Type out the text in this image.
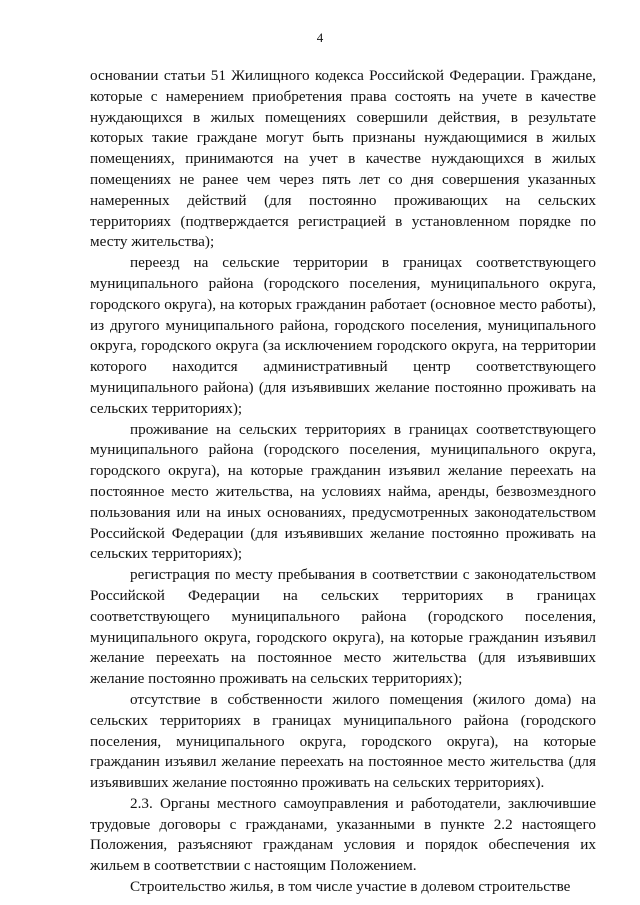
4

основании статьи 51 Жилищного кодекса Российской Федерации. Граждане, которые с намерением приобретения права состоять на учете в качестве нуждающихся в жилых помещениях совершили действия, в результате которых такие граждане могут быть признаны нуждающимися в жилых помещениях, принимаются на учет в качестве нуждающихся в жилых помещениях не ранее чем через пять лет со дня совершения указанных намеренных действий (для постоянно проживающих на сельских территориях (подтверждается регистрацией в установленном порядке по месту жительства);

переезд на сельские территории в границах соответствующего муниципального района (городского поселения, муниципального округа, городского округа), на которых гражданин работает (основное место работы), из другого муниципального района, городского поселения, муниципального округа, городского округа (за исключением городского округа, на территории которого находится административный центр соответствующего муниципального района) (для изъявивших желание постоянно проживать на сельских территориях);

проживание на сельских территориях в границах соответствующего муниципального района (городского поселения, муниципального округа, городского округа), на которые гражданин изъявил желание переехать на постоянное место жительства, на условиях найма, аренды, безвозмездного пользования или на иных основаниях, предусмотренных законодательством Российской Федерации (для изъявивших желание постоянно проживать на сельских территориях);

регистрация по месту пребывания в соответствии с законодательством Российской Федерации на сельских территориях в границах соответствующего муниципального района (городского поселения, муниципального округа, городского округа), на которые гражданин изъявил желание переехать на постоянное место жительства (для изъявивших желание постоянно проживать на сельских территориях);

отсутствие в собственности жилого помещения (жилого дома) на сельских территориях в границах муниципального района (городского поселения, муниципального округа, городского округа), на которые гражданин изъявил желание переехать на постоянное место жительства (для изъявивших желание постоянно проживать на сельских территориях).

2.3. Органы местного самоуправления и работодатели, заключившие трудовые договоры с гражданами, указанными в пункте 2.2 настоящего Положения, разъясняют гражданам условия и порядок обеспечения их жильем в соответствии с настоящим Положением.

Строительство жилья, в том числе участие в долевом строительстве
